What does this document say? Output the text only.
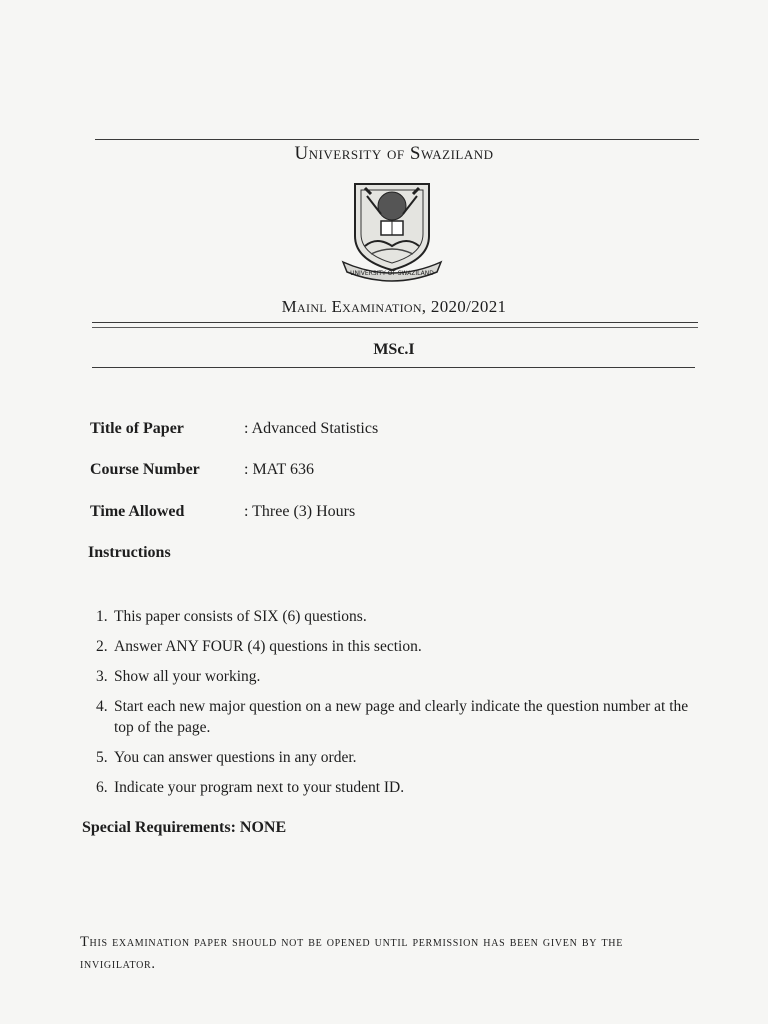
University of Swaziland
UNIVERSITY OF SWAZILAND
Mainl Examination, 2020/2021
MSc.I
Title of Paper	: Advanced Statistics
Course Number	: MAT 636
Time Allowed	: Three (3) Hours
Instructions
1. This paper consists of SIX (6) questions.
2. Answer ANY FOUR (4) questions in this section.
3. Show all your working.
4. Start each new major question on a new page and clearly indicate the question number at the top of the page.
5. You can answer questions in any order.
6. Indicate your program next to your student ID.
Special Requirements: NONE
This examination paper should not be opened until permission has been given by the invigilator.
